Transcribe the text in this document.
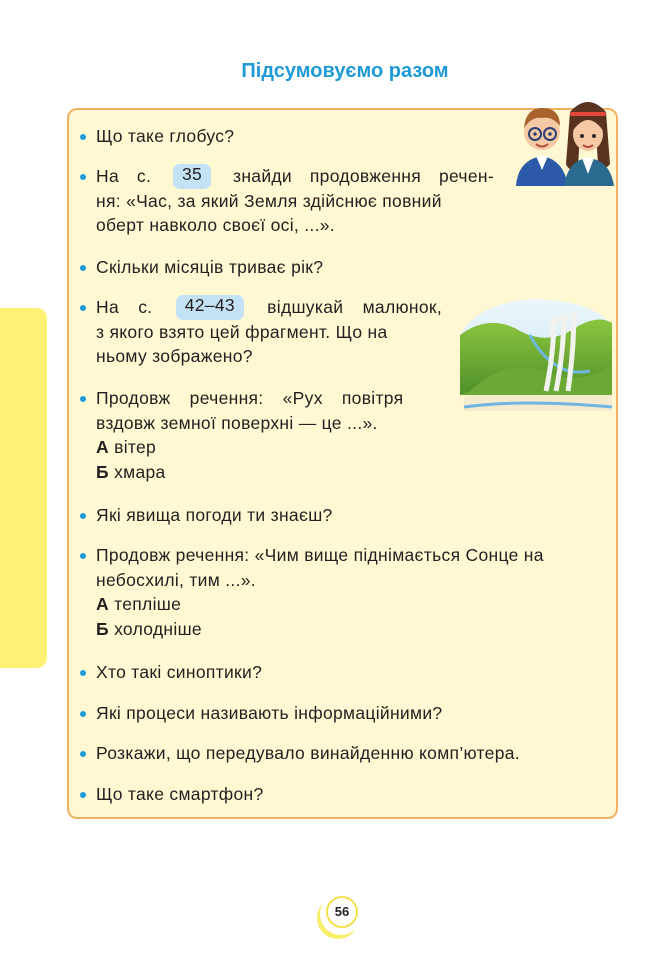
Підсумовуємо разом
Що таке глобус?
На с.	35	знайди продовження речен-
ня: «Час, за який Земля здійснює повний
оберт навколо своєї осі, ...».
Скільки місяців триває рік?
На с.	42–43	відшукай малюнок,
з якого взято цей фрагмент. Що на
ньому зображено?
Продовж речення: «Рух повітря
вздовж земної поверхні — це ...».
А вітер
Б хмара
Які явища погоди ти знаєш?
Продовж речення: «Чим вище піднімається Сонце на
небосхилі, тим ...».
А тепліше
Б холодніше
Хто такі синоптики?
Які процеси називають інформаційними?
Розкажи, що передувало винайденню комп’ютера.
Що таке смартфон?
56
